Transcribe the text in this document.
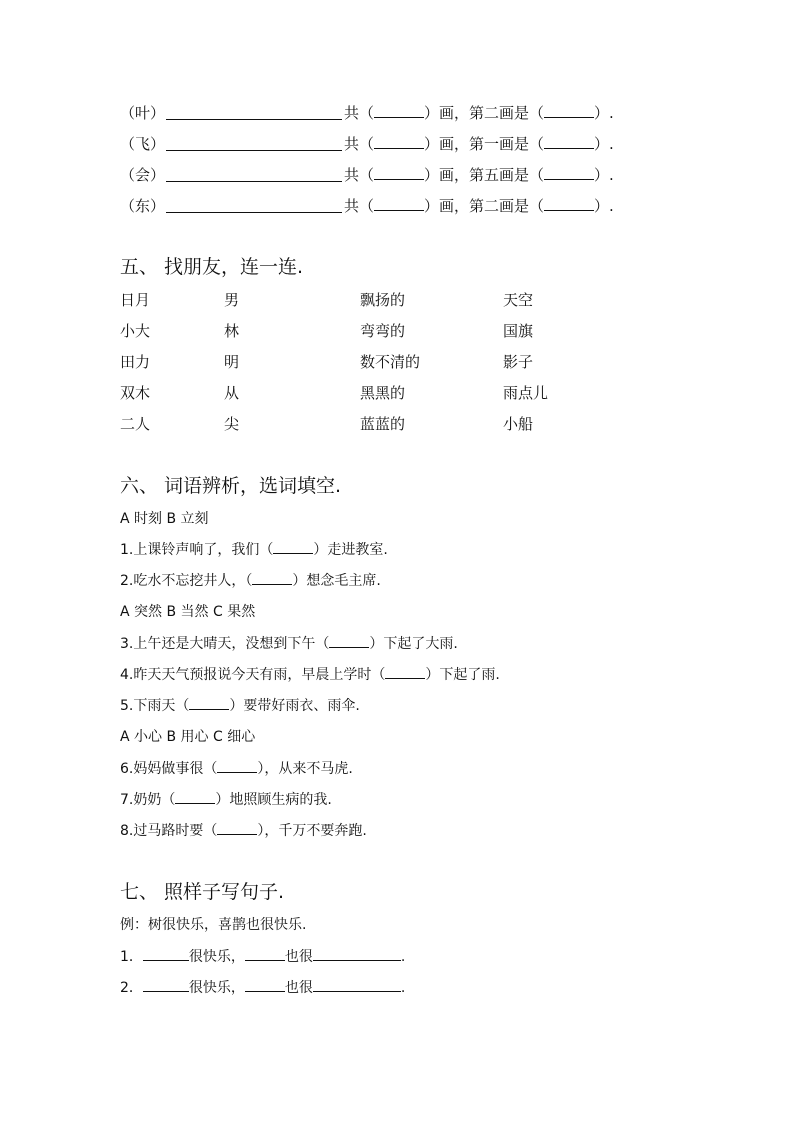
（叶）	共（	）画，第二画是（	）.
（飞）	共（	）画，第一画是（	）.
（会）	共（	）画，第五画是（	）.
（东）	共（	）画，第二画是（	）.
五、 找朋友，连一连.
日月	男	飘扬的	天空
小大	林	弯弯的	国旗
田力	明	数不清的	影子
双木	从	黑黑的	雨点儿
二人	尖	蓝蓝的	小船
六、 词语辨析，选词填空.
A 时刻 B 立刻
1.上课铃声响了，我们（	）走进教室.
2.吃水不忘挖井人，（	）想念毛主席.
A 突然 B 当然 C 果然
3.上午还是大晴天，没想到下午（	）下起了大雨.
4.昨天天气预报说今天有雨，早晨上学时（	）下起了雨.
5.下雨天（	）要带好雨衣、雨伞.
A 小心 B 用心 C 细心
6.妈妈做事很（	），从来不马虎.
7.奶奶（	）地照顾生病的我.
8.过马路时要（	），千万不要奔跑.
七、 照样子写句子.
例：树很快乐，喜鹊也很快乐.
1．	很快乐，	也很	.
2．	很快乐，	也很	.
